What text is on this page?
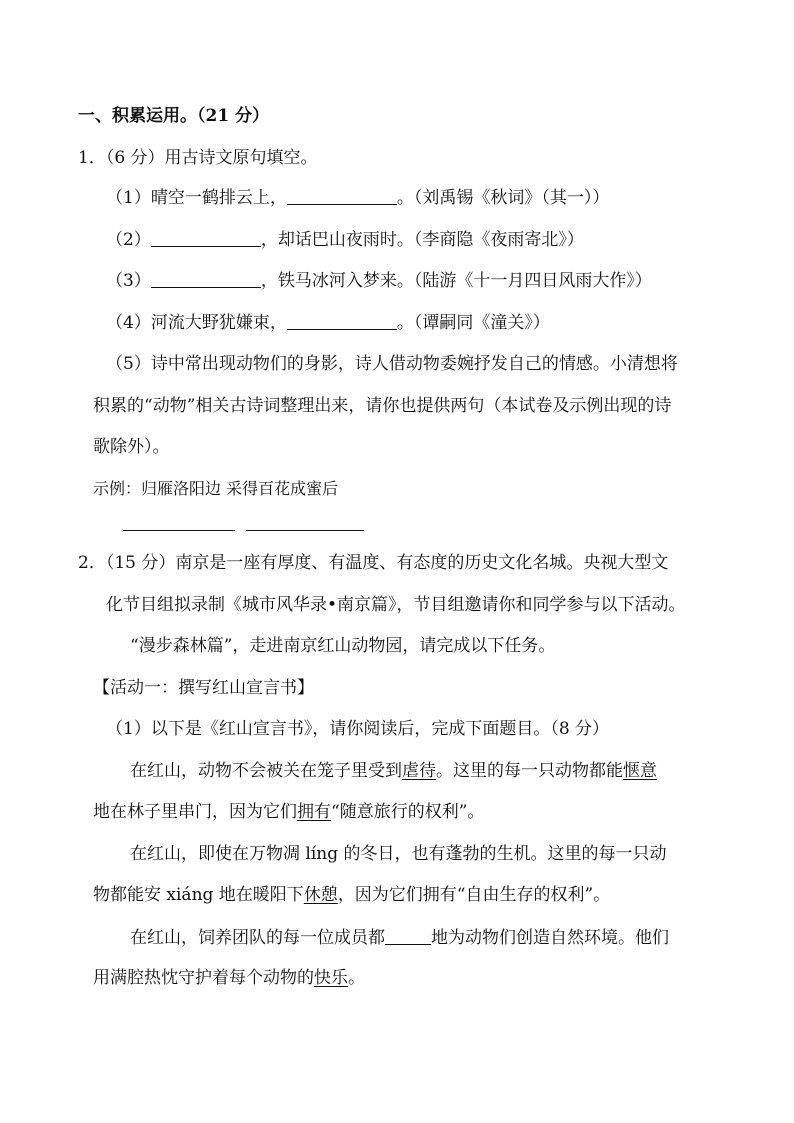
一、积累运用。（21 分）
1．（6 分）用古诗文原句填空。
（1）晴空一鹤排云上，	。（刘禹锡《秋词》（其一））
（2）	，却话巴山夜雨时。（李商隐《夜雨寄北》）
（3）	，铁马冰河入梦来。（陆游《十一月四日风雨大作》）
（4）河流大野犹嫌束，	。（谭嗣同《潼关》）
（5）诗中常出现动物们的身影，诗人借动物委婉抒发自己的情感。小清想将
积累的“动物”相关古诗词整理出来，请你也提供两句（本试卷及示例出现的诗
歌除外）。
示例：归雁洛阳边 采得百花成蜜后

2．（15 分）南京是一座有厚度、有温度、有态度的历史文化名城。央视大型文
化节目组拟录制《城市风华录•南京篇》，节目组邀请你和同学参与以下活动。
“漫步森林篇”，走进南京红山动物园，请完成以下任务。
【活动一：撰写红山宣言书】
（1）以下是《红山宣言书》，请你阅读后，完成下面题目。（8 分）
在红山，动物不会被关在笼子里受到虐待。这里的每一只动物都能惬意
地在林子里串门，因为它们拥有“随意旅行的权利”。
在红山，即使在万物凋 líng 的冬日，也有蓬勃的生机。这里的每一只动
物都能安 xiáng 地在暖阳下休憩，因为它们拥有“自由生存的权利”。
在红山，饲养团队的每一位成员都	地为动物们创造自然环境。他们
用满腔热忱守护着每个动物的快乐。
